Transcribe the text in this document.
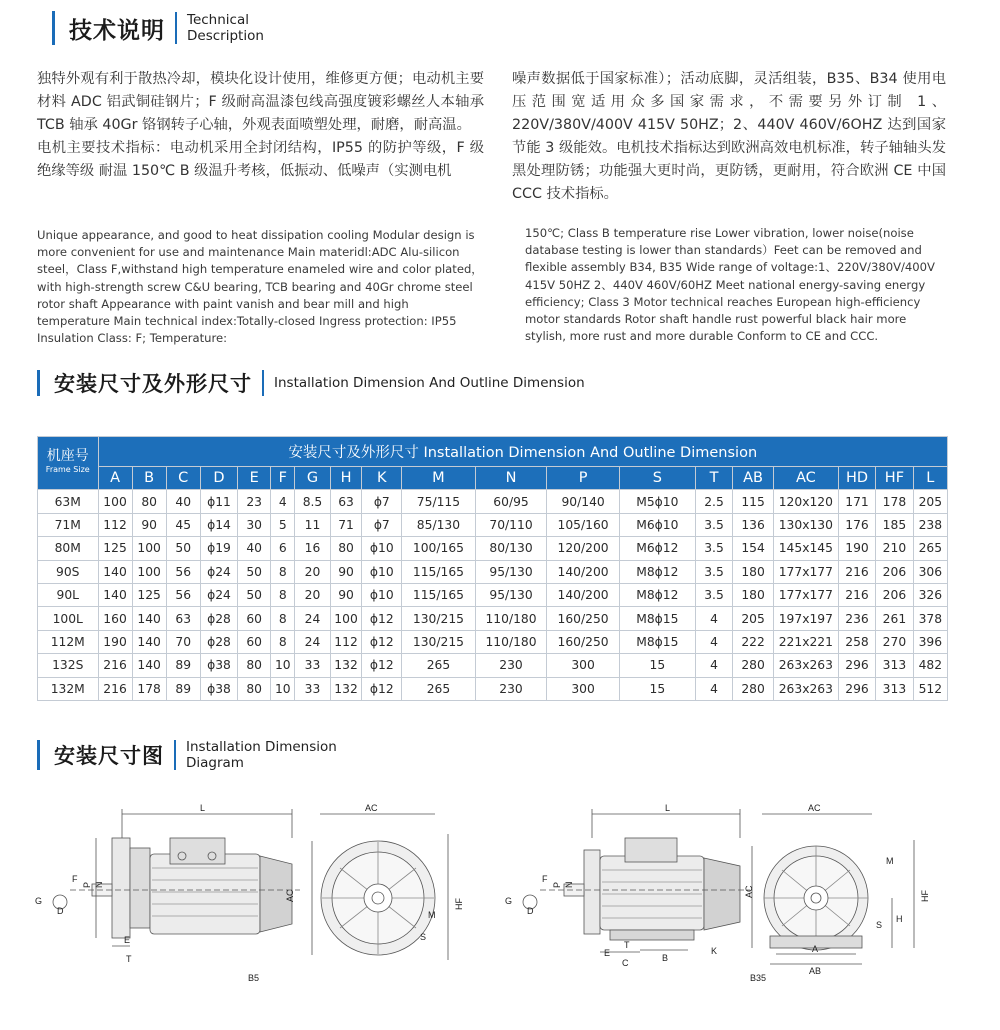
技术说明 Technical
Description

独特外观有利于散热冷却，模块化设计使用，维修更方便；电动机主要材料 ADC 铝武铜硅钢片；F 级耐高温漆包线高强度镀彩螺丝人本轴承 TCB 轴承 40Gr 铬钢转子心轴，外观表面喷塑处理，耐磨，耐高温。

电机主要技术指标：电动机采用全封闭结构，IP55 的防护等级，F 级绝缘等级 耐温 150℃ B 级温升考核，低振动、低噪声（实测电机

噪声数据低于国家标准）；活动底脚，灵活组装，B35、B34 使用电压范围宽适用众多国家需求，不需要另外订制 1、220V/380V/400V 415V 50HZ；2、440V 460V/6OHZ 达到国家节能 3 级能效。电机技术指标达到欧洲高效电机标准，转子轴轴头发黑处理防锈；功能强大更时尚，更防锈，更耐用，符合欧洲 CE 中国 CCC 技术指标。

Unique appearance, and good to heat dissipation cooling Modular design is more convenient for use and maintenance Main materidl:ADC Alu-silicon steel，Class F,withstand high temperature enameled wire and color plated，with high-strength screw C&U bearing, TCB bearing and 40Gr chrome steel rotor shaft Appearance with paint vanish and bear mill and high temperature Main technical index:Totally-closed Ingress protection: IP55 Insulation Class: F; Temperature:

150℃; Class B temperature rise Lower vibration, lower noise(noise database testing is lower than standards）Feet can be removed and flexible assembly B34, B35 Wide range of voltage:1、220V/380V/400V 415V 50HZ 2、440V 460V/60HZ Meet national energy-saving energy efficiency; Class 3 Motor technical reaches European high-efficiency motor standards Rotor shaft handle rust powerful black hair more stylish, more rust and more durable Conform to CE and CCC.

安装尺寸及外形尺寸 Installation Dimension And Outline Dimension
机座号
Frame Size	安装尺寸及外形尺寸 Installation Dimension And Outline Dimension																		
	A	B	C	D	E	F	G	H	K	M	N	P	S	T	AB	AC	HD	HF	L
63M	100	80	40	ϕ11	23	4	8.5	63	ϕ7	75/115	60/95	90/140	M5ϕ10	2.5	115	120x120	171	178	205
71M	112	90	45	ϕ14	30	5	11	71	ϕ7	85/130	70/110	105/160	M6ϕ10	3.5	136	130x130	176	185	238
80M	125	100	50	ϕ19	40	6	16	80	ϕ10	100/165	80/130	120/200	M6ϕ12	3.5	154	145x145	190	210	265
90S	140	100	56	ϕ24	50	8	20	90	ϕ10	115/165	95/130	140/200	M8ϕ12	3.5	180	177x177	216	206	306
90L	140	125	56	ϕ24	50	8	20	90	ϕ10	115/165	95/130	140/200	M8ϕ12	3.5	180	177x177	216	206	326
100L	160	140	63	ϕ28	60	8	24	100	ϕ12	130/215	110/180	160/250	M8ϕ15	4	205	197x197	236	261	378
112M	190	140	70	ϕ28	60	8	24	112	ϕ12	130/215	110/180	160/250	M8ϕ15	4	222	221x221	258	270	396
132S	216	140	89	ϕ38	80	10	33	132	ϕ12	265	230	300	15	4	280	263x263	296	313	482
132M	216	178	89	ϕ38	80	10	33	132	ϕ12	265	230	300	15	4	280	263x263	296	313	512
安装尺寸图 Installation Dimension
Diagram
L
P N
F
G
D
E
T
AC
AC
HF
M
S
B5
L
P N
F
G
D
E
T
C	B
K
AC
AC
H
HF
M
S
A
AB
B35
